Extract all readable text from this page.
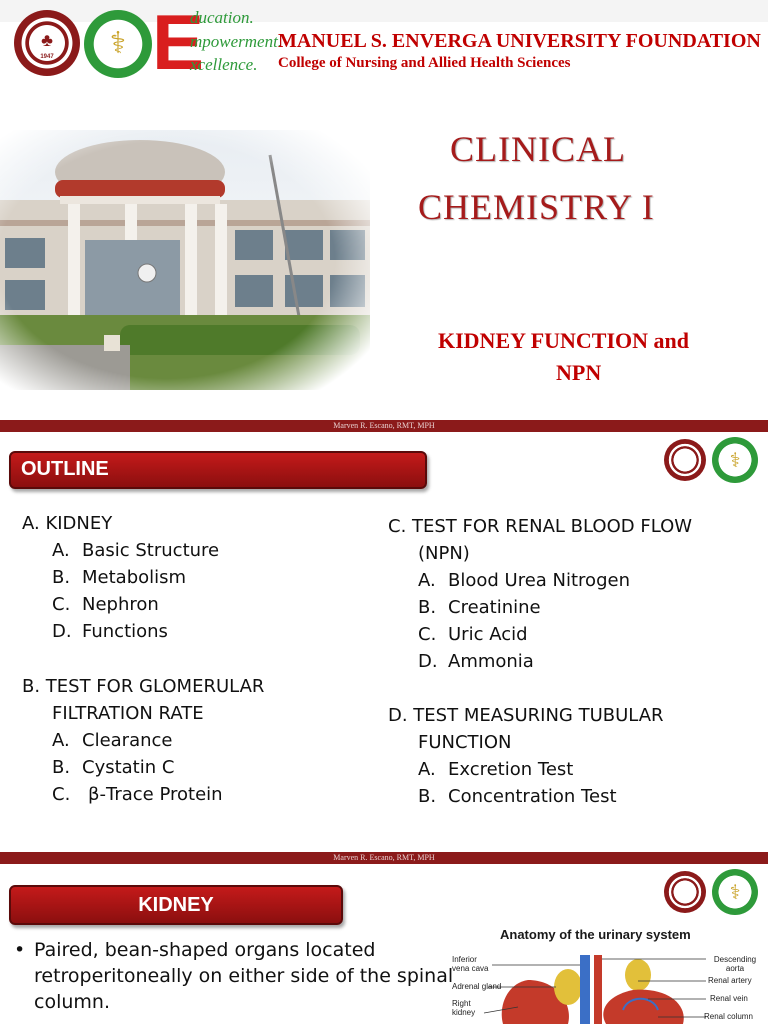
1947
♣ ⚕ E
ducation.
mpowerment.
xcellence.
MANUEL S. ENVERGA UNIVERSITY FOUNDATION
College of Nursing and Allied Health Sciences
CLINICAL
CHEMISTRY I
KIDNEY FUNCTION and
NPN
Marven R. Escano, RMT, MPH
OUTLINE	⚕
A. KIDNEY
A. Basic Structure
B. Metabolism
C. Nephron
D. Functions
B. TEST FOR GLOMERULAR
FILTRATION RATE
A. Clearance
B. Cystatin C
C. β-Trace Protein
C. TEST FOR RENAL BLOOD FLOW
(NPN)
A. Blood Urea Nitrogen
B. Creatinine
C. Uric Acid
D. Ammonia
D. TEST MEASURING TUBULAR
FUNCTION
A. Excretion Test
B. Concentration Test
Marven R. Escano, RMT, MPH
KIDNEY
⚕
• Paired, bean-shaped organs located
retroperitoneally on either side of the spinal
column.
Anatomy of the urinary system
Inferior vena cava
Adrenal gland
Right kidney
Descending aorta
Renal artery
Renal vein
Renal column
